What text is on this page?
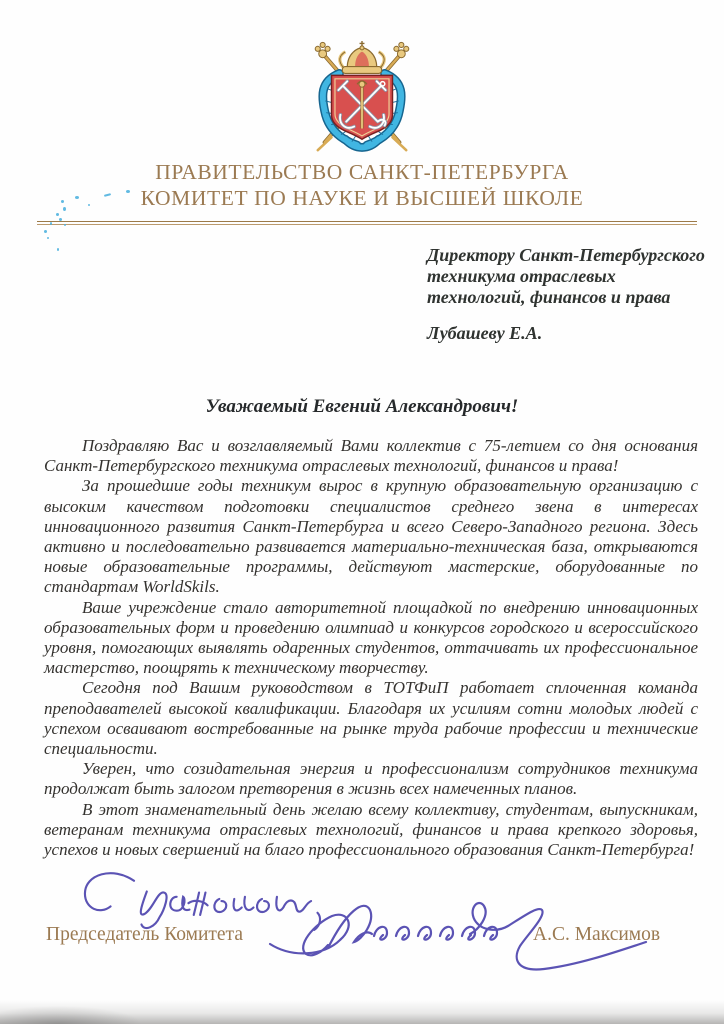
ПРАВИТЕЛЬСТВО САНКТ-ПЕТЕРБУРГА
КОМИТЕТ ПО НАУКЕ И ВЫСШЕЙ ШКОЛЕ
Директору Санкт-Петербургского
техникума отраслевых
технологий, финансов и права
Лубашеву Е.А.
Уважаемый Евгений Александрович!

Поздравляю Вас и возглавляемый Вами коллектив с 75-летием со дня основания Санкт-Петербургского техникума отраслевых технологий, финансов и права!

За прошедшие годы техникум вырос в крупную образовательную организацию с высоким качеством подготовки специалистов среднего звена в интересах инновационного развития Санкт-Петербурга и всего Северо-Западного региона. Здесь активно и последовательно развивается материально-техническая база, открываются новые образовательные программы, действуют мастерские, оборудованные по стандартам WorldSkils.

Ваше учреждение стало авторитетной площадкой по внедрению инновационных образовательных форм и проведению олимпиад и конкурсов городского и всероссийского уровня, помогающих выявлять одаренных студентов, оттачивать их профессиональное мастерство, поощрять к техническому творчеству.

Сегодня под Вашим руководством в ТОТФиП работает сплоченная команда преподавателей высокой квалификации. Благодаря их усилиям сотни молодых людей с успехом осваивают востребованные на рынке труда рабочие профессии и технические специальности.

Уверен, что созидательная энергия и профессионализм сотрудников техникума продолжат быть залогом претворения в жизнь всех намеченных планов.

В этот знаменательный день желаю всему коллективу, студентам, выпускникам, ветеранам техникума отраслевых технологий, финансов и права крепкого здоровья, успехов и новых свершений на благо профессионального образования Санкт-Петербурга!

Председатель Комитета	А.С. Максимов
